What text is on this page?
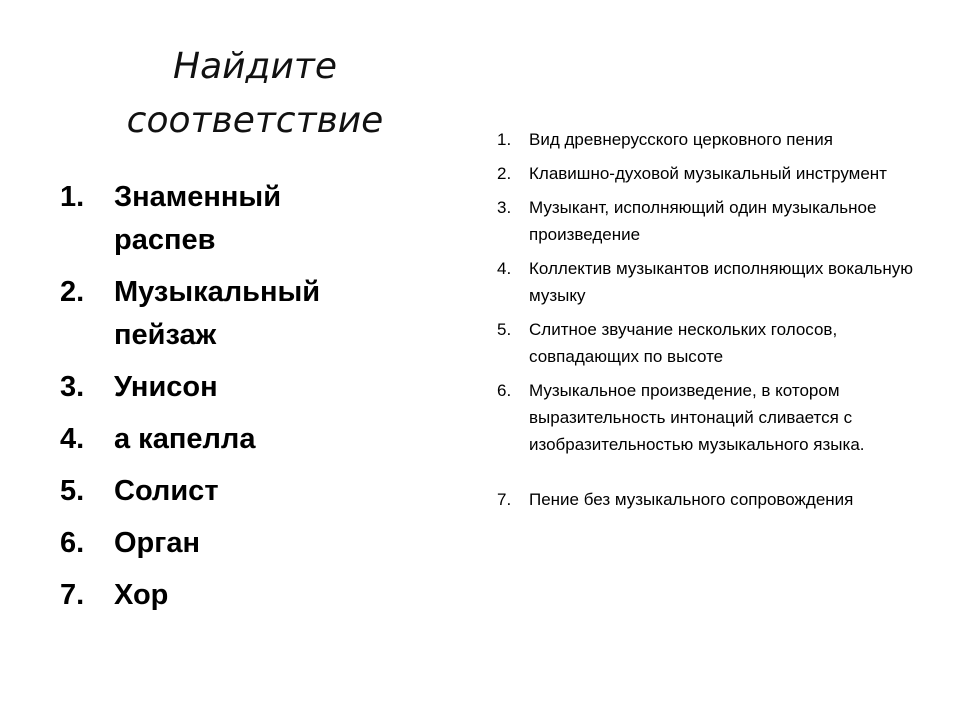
Найдите
соответствие
1.	Знаменный распев
2.	Музыкальный пейзаж
3.	Унисон
4.	а капелла
5.	Солист
6.	Орган
7.	Хор
1.	Вид древнерусского церковного пения
2.	Клавишно-духовой музыкальный инструмент
3.	Музыкант, исполняющий один музыкальное произведение
4.	Коллектив музыкантов исполняющих вокальную музыку
5.	Слитное звучание нескольких голосов, совпадающих по высоте
6.	Музыкальное произведение, в котором выразительность интонаций сливается с изобразительностью музыкального языка.
7.	Пение без музыкального сопровождения
